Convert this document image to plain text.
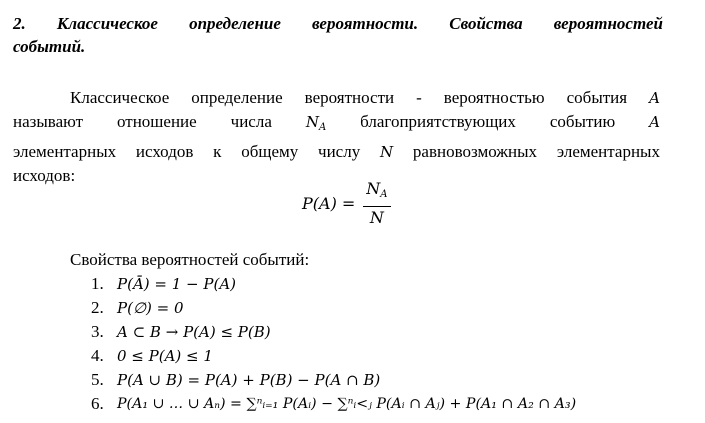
2. Классическое определение вероятности. Свойства вероятностей
событий.
Классическое определение вероятности - вероятностью события A
называют отношение числа $N_A$ благоприятствующих событию A
элементарных исходов к общему числу N равновозможных элементарных
исходов:
$P(A) = \frac{N_A}{N}$
Свойства вероятностей событий:
1. P(Ā) = 1 − P(A)
2. P(∅) = 0
3. A ⊂ B → P(A) ≤ P(B)
4. 0 ≤ P(A) ≤ 1
5. P(A ∪ B) = P(A) + P(B) − P(A ∩ B)
6. P(A₁ ∪ … ∪ Aₙ) = ∑ⁿᵢ₌₁ P(Aᵢ) − ∑ⁿᵢ<ⱼ P(Aᵢ ∩ Aⱼ) + P(A₁ ∩ A₂ ∩ A₃)
